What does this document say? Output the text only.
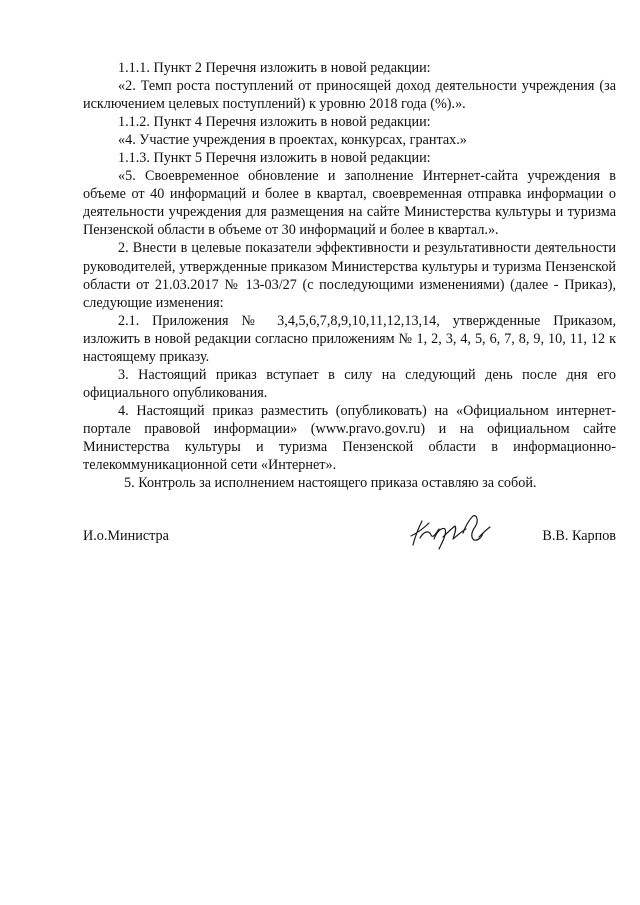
1.1.1. Пункт 2 Перечня изложить в новой редакции:

«2. Темп роста поступлений от приносящей доход деятельности учреждения (за исключением целевых поступлений) к уровню 2018 года (%).».

1.1.2. Пункт 4 Перечня изложить в новой редакции:

«4. Участие учреждения в проектах, конкурсах, грантах.»

1.1.3. Пункт 5 Перечня изложить в новой редакции:

«5. Своевременное обновление и заполнение Интернет-сайта учреждения в объеме от 40 информаций и более в квартал, своевременная отправка информации о деятельности учреждения для размещения на сайте Министерства культуры и туризма Пензенской области в объеме от 30 информаций и более в квартал.».

2. Внести в целевые показатели эффективности и результативности деятельности руководителей, утвержденные приказом Министерства культуры и туризма Пензенской области от 21.03.2017 № 13-03/27 (с последующими изменениями) (далее - Приказ), следующие изменения:

2.1. Приложения № 3,4,5,6,7,8,9,10,11,12,13,14, утвержденные Приказом, изложить в новой редакции согласно приложениям № 1, 2, 3, 4, 5, 6, 7, 8, 9, 10, 11, 12 к настоящему приказу.

3. Настоящий приказ вступает в силу на следующий день после дня его официального опубликования.

4. Настоящий приказ разместить (опубликовать) на «Официальном интернет-портале правовой информации» (www.pravo.gov.ru) и на официальном сайте Министерства культуры и туризма Пензенской области в информационно-телекоммуникационной сети «Интернет».

5. Контроль за исполнением настоящего приказа оставляю за собой.

И.о.Министра	В.В. Карпов
